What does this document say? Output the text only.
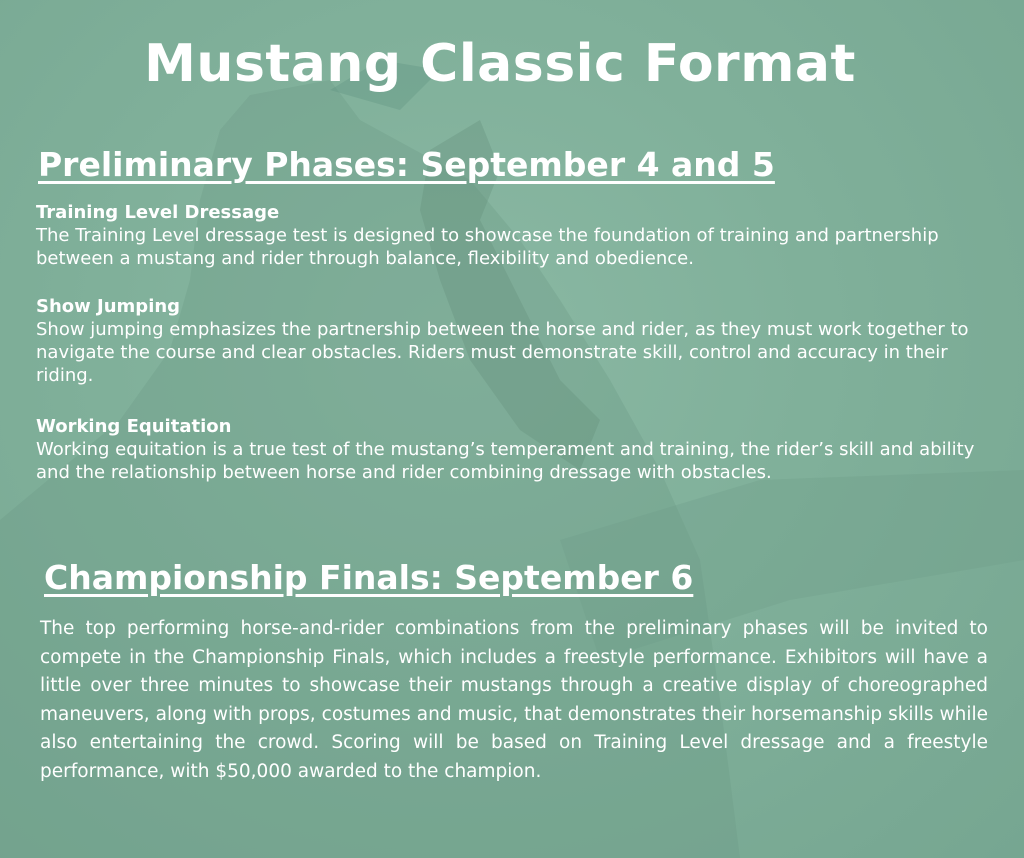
Mustang Classic Format
Preliminary Phases: September 4 and 5

Training Level Dressage

The Training Level dressage test is designed to showcase the foundation of training and partnership between a mustang and rider through balance, flexibility and obedience.

Show Jumping

Show jumping emphasizes the partnership between the horse and rider, as they must work together to navigate the course and clear obstacles. Riders must demonstrate skill, control and accuracy in their riding.

Working Equitation

Working equitation is a true test of the mustang’s temperament and training, the rider’s skill and ability and the relationship between horse and rider combining dressage with obstacles.

Championship Finals: September 6

The top performing horse-and-rider combinations from the preliminary phases will be invited to compete in the Championship Finals, which includes a freestyle performance. Exhibitors will have a little over three minutes to showcase their mustangs through a creative display of choreographed maneuvers, along with props, costumes and music, that demonstrates their horsemanship skills while also entertaining the crowd. Scoring will be based on Training Level dressage and a freestyle performance, with $50,000 awarded to the champion.
